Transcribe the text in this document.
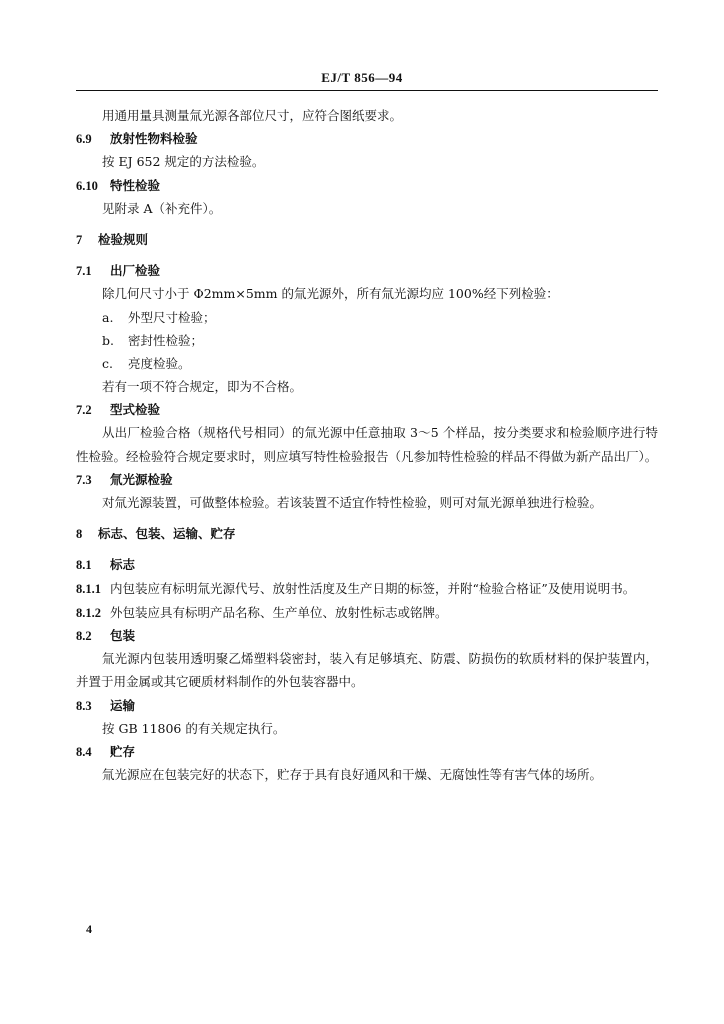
EJ/T 856—94
用通用量具测量氚光源各部位尺寸，应符合图纸要求。
6.9 放射性物料检验
按 EJ 652 规定的方法检验。
6.10 特性检验
见附录 A（补充件）。
7 检验规则
7.1 出厂检验
除几何尺寸小于 Φ2mm×5mm 的氚光源外，所有氚光源均应 100%经下列检验：
a. 外型尺寸检验；
b. 密封性检验；
c. 亮度检验。
若有一项不符合规定，即为不合格。
7.2 型式检验
从出厂检验合格（规格代号相同）的氚光源中任意抽取 3～5 个样品，按分类要求和检验顺序进行特性检验。经检验符合规定要求时，则应填写特性检验报告（凡参加特性检验的样品不得做为新产品出厂）。
7.3 氚光源检验
对氚光源装置，可做整体检验。若该装置不适宜作特性检验，则可对氚光源单独进行检验。
8 标志、包装、运输、贮存
8.1 标志
8.1.1 内包装应有标明氚光源代号、放射性活度及生产日期的标签，并附“检验合格证”及使用说明书。
8.1.2 外包装应具有标明产品名称、生产单位、放射性标志或铭牌。
8.2 包装
氚光源内包装用透明聚乙烯塑料袋密封，装入有足够填充、防震、防损伤的软质材料的保护装置内，并置于用金属或其它硬质材料制作的外包装容器中。
8.3 运输
按 GB 11806 的有关规定执行。
8.4 贮存
氚光源应在包装完好的状态下，贮存于具有良好通风和干燥、无腐蚀性等有害气体的场所。
4
